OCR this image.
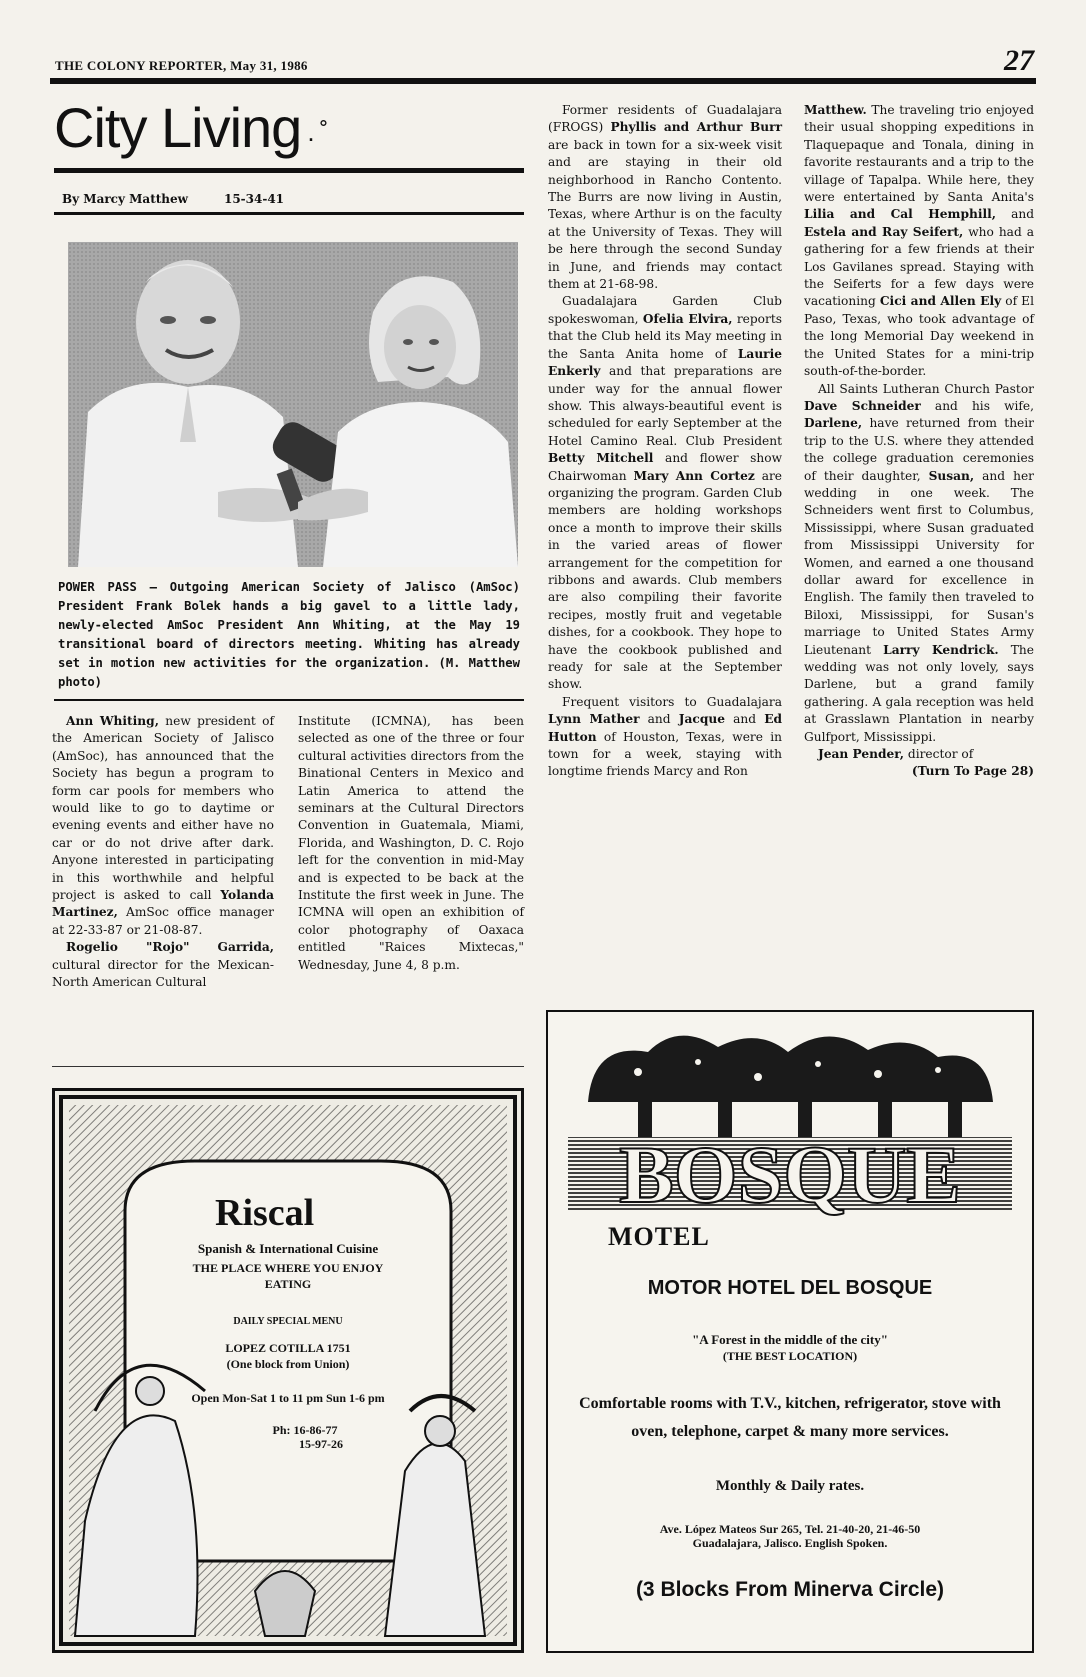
THE COLONY REPORTER, May 31, 1986	27
City Living . ˚
By Marcy Matthew	15-34-41
POWER PASS — Outgoing American Society of Jalisco (AmSoc) President Frank Bolek hands a big gavel to a little lady, newly-elected AmSoc President Ann Whiting, at the May 19 transitional board of directors meeting. Whiting has already set in motion new activities for the organization. (M. Matthew photo)

Ann Whiting, new president of the American Society of Jalisco (AmSoc), has announced that the Society has begun a program to form car pools for members who would like to go to daytime or evening events and either have no car or do not drive after dark. Anyone interested in participating in this worthwhile and helpful project is asked to call Yolanda Martinez, AmSoc office manager at 22-33-87 or 21-08-87.

Rogelio "Rojo" Garrida, cultural director for the Mexican-North American Cultural

Institute (ICMNA), has been selected as one of the three or four cultural activities directors from the Binational Centers in Mexico and Latin America to attend the seminars at the Cultural Directors Convention in Guatemala, Miami, Florida, and Washington, D. C. Rojo left for the convention in mid-May and is expected to be back at the Institute the first week in June. The ICMNA will open an exhibition of color photography of Oaxaca entitled "Raices Mixtecas," Wednesday, June 4, 8 p.m.

Former residents of Guadalajara (FROGS) Phyllis and Arthur Burr are back in town for a six-week visit and are staying in their old neighborhood in Rancho Contento. The Burrs are now living in Austin, Texas, where Arthur is on the faculty at the University of Texas. They will be here through the second Sunday in June, and friends may contact them at 21-68-98.

Guadalajara Garden Club spokeswoman, Ofelia Elvira, reports that the Club held its May meeting in the Santa Anita home of Laurie Enkerly and that preparations are under way for the annual flower show. This always-beautiful event is scheduled for early September at the Hotel Camino Real. Club President Betty Mitchell and flower show Chairwoman Mary Ann Cortez are organizing the program. Garden Club members are holding workshops once a month to improve their skills in the varied areas of flower arrangement for the competition for ribbons and awards. Club members are also compiling their favorite recipes, mostly fruit and vegetable dishes, for a cookbook. They hope to have the cookbook published and ready for sale at the September show.

Frequent visitors to Guadalajara Lynn Mather and Jacque and Ed Hutton of Houston, Texas, were in town for a week, staying with longtime friends Marcy and Ron

Matthew. The traveling trio enjoyed their usual shopping expeditions in Tlaquepaque and Tonala, dining in favorite restaurants and a trip to the village of Tapalpa. While here, they were entertained by Santa Anita's Lilia and Cal Hemphill, and Estela and Ray Seifert, who had a gathering for a few friends at their Los Gavilanes spread. Staying with the Seiferts for a few days were vacationing Cici and Allen Ely of El Paso, Texas, who took advantage of the long Memorial Day weekend in the United States for a mini-trip south-of-the-border.

All Saints Lutheran Church Pastor Dave Schneider and his wife, Darlene, have returned from their trip to the U.S. where they attended the college graduation ceremonies of their daughter, Susan, and her wedding in one week. The Schneiders went first to Columbus, Mississippi, where Susan graduated from Mississippi University for Women, and earned a one thousand dollar award for excellence in English. The family then traveled to Biloxi, Mississippi, for Susan's marriage to United States Army Lieutenant Larry Kendrick. The wedding was not only lovely, says Darlene, but a grand family gathering. A gala reception was held at Grasslawn Plantation in nearby Gulfport, Mississippi.

Jean Pender, director of

(Turn To Page 28)

Riscal
Spanish & International Cuisine
THE PLACE WHERE YOU ENJOY
EATING
DAILY SPECIAL MENU
LOPEZ COTILLA 1751
(One block from Union)
Open Mon-Sat 1 to 11 pm Sun 1-6 pm
Ph: 16-86-77
15-97-26
BOSQUE
MOTEL
MOTOR HOTEL DEL BOSQUE
"A Forest in the middle of the city"
(THE BEST LOCATION)
Comfortable rooms with T.V., kitchen, refrigerator, stove with oven, telephone, carpet & many more services.
Monthly & Daily rates.
Ave. López Mateos Sur 265, Tel. 21-40-20, 21-46-50
Guadalajara, Jalisco. English Spoken.
(3 Blocks From Minerva Circle)
